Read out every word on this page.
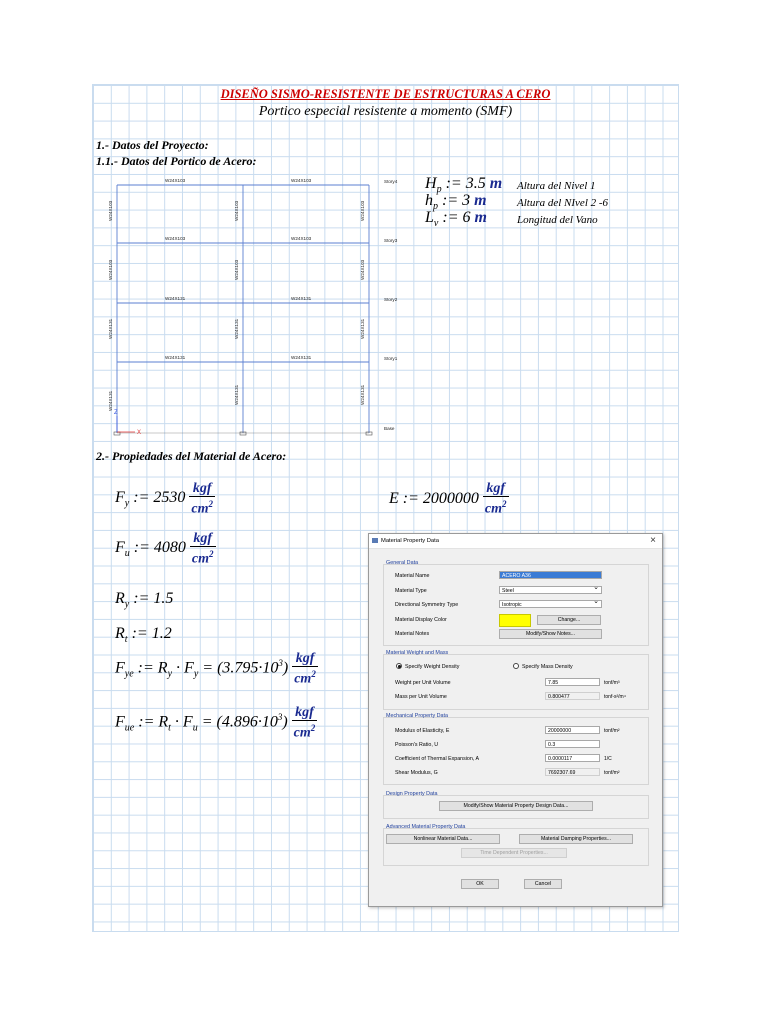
DISEÑO SISMO-RESISTENTE DE ESTRUCTURAS A CERO
Portico especial resistente a momento (SMF)
1.- Datos del Proyecto:
1.1.- Datos del Portico de Acero:
W24X103	W24X103
W24X103	W24X103
W24X131	W24X131
W24X131	W24X131
W24X103	W24X103	W24X103
W24X103	W24X103	W24X103
W24X131	W24X131	W24X131
W24X131	W24X131	W24X131
Story4
Story3
Story2
Story1
Base
X
Z
$H_p$ := 3.5 m	Altura del Nivel 1
$h_p$ := 3 m	Altura del NIvel 2 -6
$L_v$ := 6 m	Longitud del Vano
2.- Propiedades del Material de Acero:
$F_y$ := $2530 \frac{\text{kgf}}{cm^2}$	E := $2000000 \frac{\text{kgf}}{cm^2}$
$F_u$ := $4080 \frac{\text{kgf}}{cm^2}$
$R_y$ := 1.5
$R_t$ := 1.2
$F_{ye}$ := $R_y \cdot F_y = (3.795\cdot 10^3) \frac{\text{kgf}}{cm^2}$
$F_{ue}$ := $R_t \cdot F_u = (4.896\cdot 10^3) \frac{\text{kgf}}{cm^2}$
Material Property Data	×
General Data
Material Name	ACERO A36
Material Type	Steel ⌄
Directional Symmetry Type	Isotropic ⌄
Material Display Color	Change...
Material Notes	Modify/Show Notes...
Material Weight and Mass
Specify Weight Density	Specify Mass Density
Weight per Unit Volume	7.85	tonf/m³
Mass per Unit Volume	0.800477	tonf-s²/m⁴
Mechanical Property Data
Modulus of Elasticity, E	20000000	tonf/m²
Poisson's Ratio, U	0.3
Coefficient of Thermal Expansion, A	0.0000117	1/C
Shear Modulus, G	7692307.69	tonf/m²
Design Property Data
Modify/Show Material Property Design Data...
Advanced Material Property Data
Nonlinear Material Data...	Material Damping Properties...
Time Dependent Properties...
OK	Cancel
